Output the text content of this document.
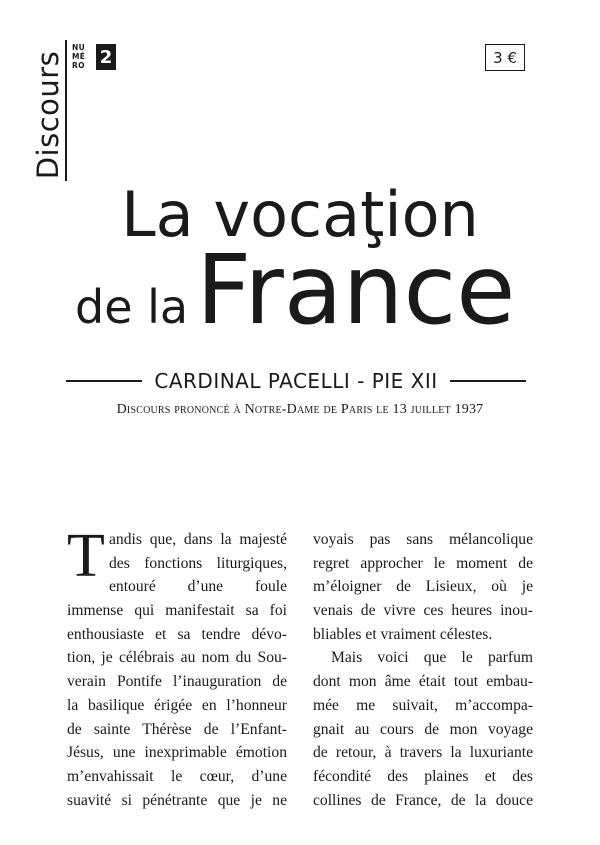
Discours
NU
MÉ
RO 2	3 €
La vocaţion
de laFrance
CARDINAL PACELLI - PIE XII
Discours prononcé à Notre-Dame de Paris le 13 juillet 1937
T andis que, dans la majesté
des fonctions liturgiques,
entouré d’une foule
immense qui manifestait sa foi
enthousiaste et sa tendre dévo-
tion, je célébrais au nom du Sou-
verain Pontife l’inauguration de
la basilique érigée en l’honneur
de sainte Thérèse de l’Enfant-
Jésus, une inexprimable émotion
m’envahissait le cœur, d’une
suavité si pénétrante que je ne
voyais pas sans mélancolique
regret approcher le moment de
m’éloigner de Lisieux, où je
venais de vivre ces heures inou-
bliables et vraiment célestes.
Mais voici que le parfum
dont mon âme était tout embau-
mée me suivait, m’accompa-
gnait au cours de mon voyage
de retour, à travers la luxuriante
fécondité des plaines et des
collines de France, de la douce
